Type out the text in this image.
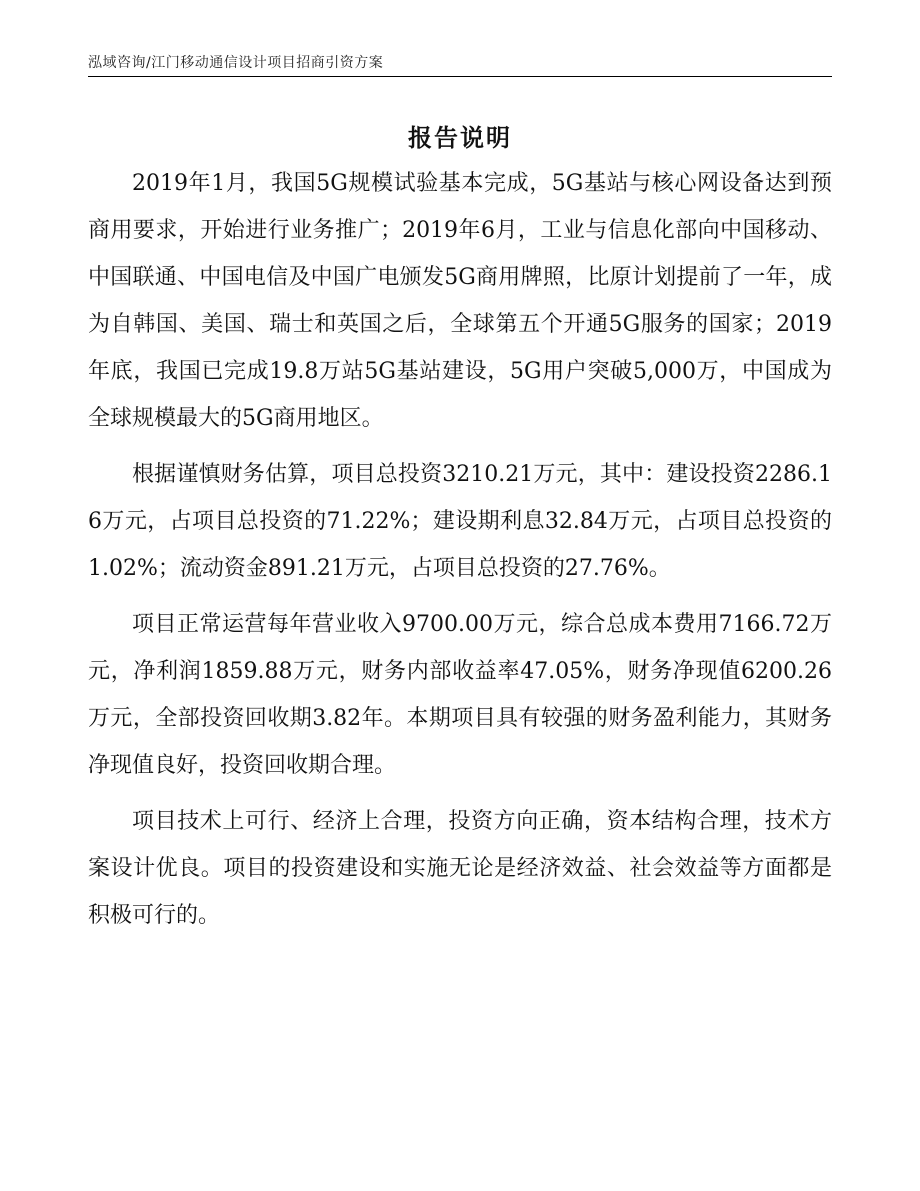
泓域咨询/江门移动通信设计项目招商引资方案
报告说明

2019年1月，我国5G规模试验基本完成，5G基站与核心网设备达到预商用要求，开始进行业务推广；2019年6月，工业与信息化部向中国移动、中国联通、中国电信及中国广电颁发5G商用牌照，比原计划提前了一年，成为自韩国、美国、瑞士和英国之后，全球第五个开通5G服务的国家；2019年底，我国已完成19.8万站5G基站建设，5G用户突破5,000万，中国成为全球规模最大的5G商用地区。

根据谨慎财务估算，项目总投资3210.21万元，其中：建设投资2286.16万元，占项目总投资的71.22%；建设期利息32.84万元，占项目总投资的1.02%；流动资金891.21万元，占项目总投资的27.76%。

项目正常运营每年营业收入9700.00万元，综合总成本费用7166.72万元，净利润1859.88万元，财务内部收益率47.05%，财务净现值6200.26万元，全部投资回收期3.82年。本期项目具有较强的财务盈利能力，其财务净现值良好，投资回收期合理。

项目技术上可行、经济上合理，投资方向正确，资本结构合理，技术方案设计优良。项目的投资建设和实施无论是经济效益、社会效益等方面都是积极可行的。
